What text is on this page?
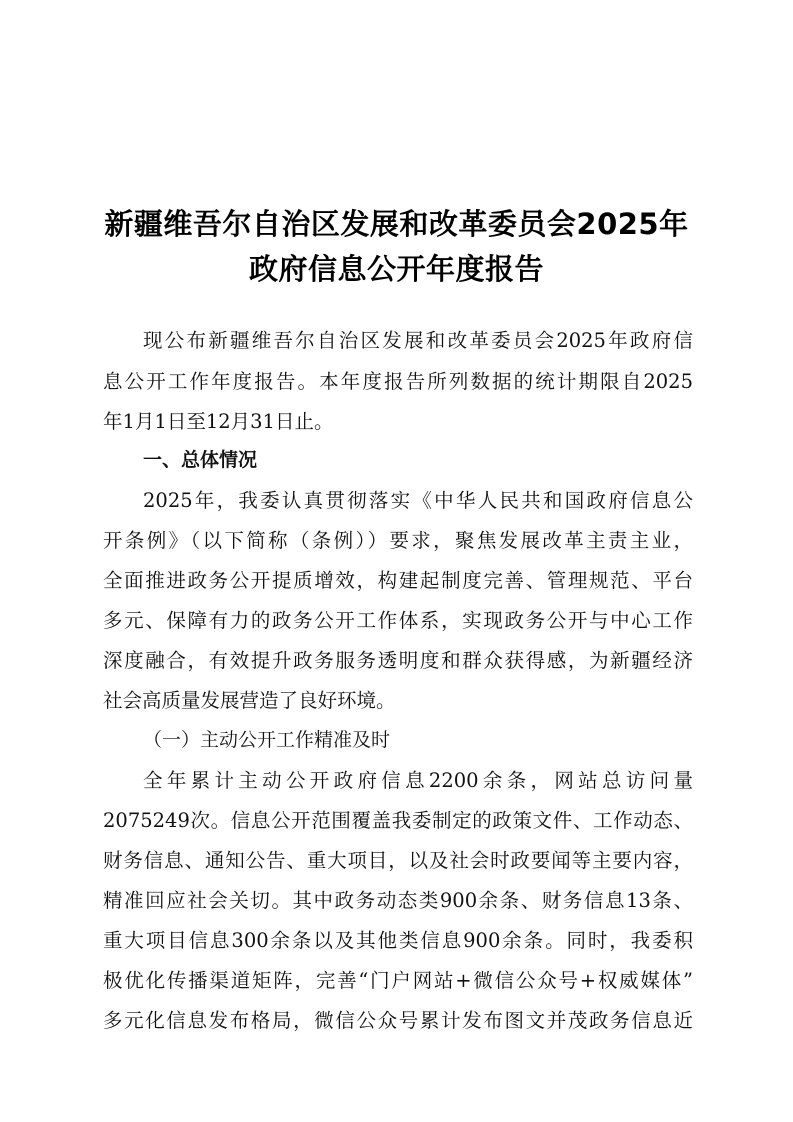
新疆维吾尔自治区发展和改革委员会2025年
政府信息公开年度报告
现公布新疆维吾尔自治区发展和改革委员会2025年政府信
息公开工作年度报告。本年度报告所列数据的统计期限自2025
年1月1日至12月31日止。
一、总体情况
2025年，我委认真贯彻落实《中华人民共和国政府信息公
开条例》（以下简称（条例））要求，聚焦发展改革主责主业，
全面推进政务公开提质增效，构建起制度完善、管理规范、平台
多元、保障有力的政务公开工作体系，实现政务公开与中心工作
深度融合，有效提升政务服务透明度和群众获得感，为新疆经济
社会高质量发展营造了良好环境。
（一）主动公开工作精准及时
全年累计主动公开政府信息2200余条，网站总访问量
2075249次。信息公开范围覆盖我委制定的政策文件、工作动态、
财务信息、通知公告、重大项目，以及社会时政要闻等主要内容，
精准回应社会关切。其中政务动态类900余条、财务信息13条、
重大项目信息300余条以及其他类信息900余条。同时，我委积
极优化传播渠道矩阵，完善“门户网站+微信公众号+权威媒体”
多元化信息发布格局，微信公众号累计发布图文并茂政务信息近
